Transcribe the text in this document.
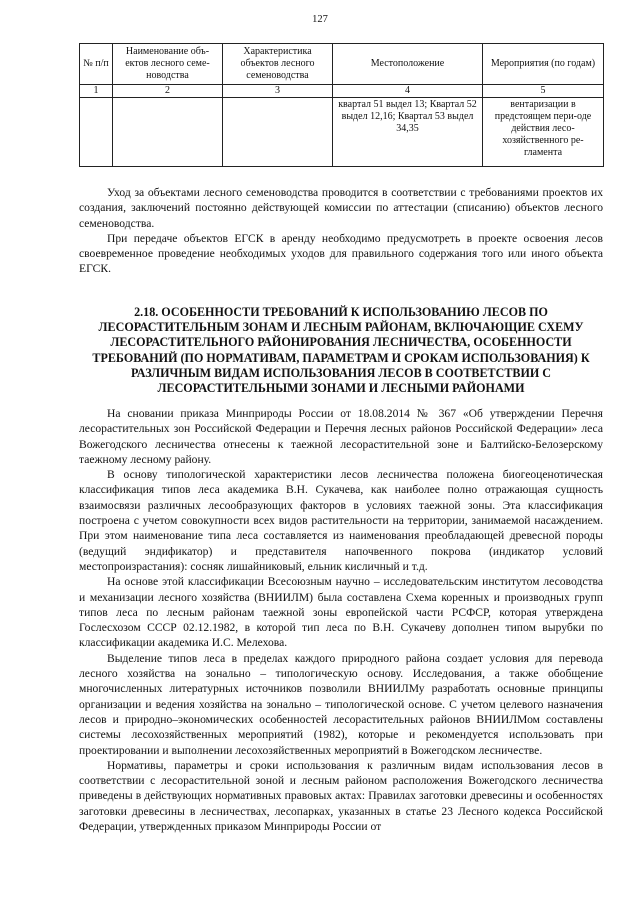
127
№ п/п	Наименование объ-ектов лесного семе-новодства	Характеристика объектов лесного семеноводства	Местоположение	Мероприятия (по годам)
1	2	3	4	5
			квартал 51 выдел 13; Квартал 52 выдел 12,16; Квартал 53 выдел 34,35	вентаризации в предстоящем пери-оде действия лесо-хозяйственного ре-гламента

Уход за объектами лесного семеноводства проводится в соответствии с требованиями проектов их создания, заключений постоянно действующей комиссии по аттестации (списанию) объектов лесного семеноводства.

При передаче объектов ЕГСК в аренду необходимо предусмотреть в проекте освоения лесов своевременное проведение необходимых уходов для правильного содержания того или иного объекта ЕГСК.

2.18. ОСОБЕННОСТИ ТРЕБОВАНИЙ К ИСПОЛЬЗОВАНИЮ ЛЕСОВ ПО ЛЕСОРАСТИТЕЛЬНЫМ ЗОНАМ И ЛЕСНЫМ РАЙОНАМ, ВКЛЮЧАЮЩИЕ СХЕМУ ЛЕСОРАСТИТЕЛЬНОГО РАЙОНИРОВАНИЯ ЛЕСНИЧЕСТВА, ОСОБЕННОСТИ ТРЕБОВАНИЙ (ПО НОРМАТИВАМ, ПАРАМЕТРАМ И СРОКАМ ИСПОЛЬЗОВАНИЯ) К РАЗЛИЧНЫМ ВИДАМ ИСПОЛЬЗОВАНИЯ ЛЕСОВ В СООТВЕТСТВИИ С ЛЕСОРАСТИТЕЛЬНЫМИ ЗОНАМИ И ЛЕСНЫМИ РАЙОНАМИ

На сновании приказа Минприроды России от 18.08.2014 № 367 «Об утверждении Перечня лесорастительных зон Российской Федерации и Перечня лесных районов Российской Федерации» леса Вожегодского лесничества отнесены к таежной лесорастительной зоне и Балтийско-Белозерскому таежному лесному району.

В основу типологической характеристики лесов лесничества положена биогеоценотическая классификация типов леса академика В.Н. Сукачева, как наиболее полно отражающая сущность взаимосвязи различных лесообразующих факторов в условиях таежной зоны. Эта классификация построена с учетом совокупности всех видов растительности на территории, занимаемой насаждением. При этом наименование типа леса составляется из наименования преобладающей древесной породы (ведущий эндификатор) и представителя напочвенного покрова (индикатор условий местопроизрастания): сосняк лишайниковый, ельник кисличный и т.д.

На основе этой классификации Всесоюзным научно – исследовательским институтом лесоводства и механизации лесного хозяйства (ВНИИЛМ) была составлена Схема коренных и производных групп типов леса по лесным районам таежной зоны европейской части РСФСР, которая утверждена Гослесхозом СССР 02.12.1982, в которой тип леса по В.Н. Сукачеву дополнен типом вырубки по классификации академика И.С. Мелехова.

Выделение типов леса в пределах каждого природного района создает условия для перевода лесного хозяйства на зонально – типологическую основу. Исследования, а также обобщение многочисленных литературных источников позволили ВНИИЛМу разработать основные принципы организации и ведения хозяйства на зонально – типологической основе. С учетом целевого назначения лесов и природно–экономических особенностей лесорастительных районов ВНИИЛМом составлены системы лесохозяйственных мероприятий (1982), которые и рекомендуется использовать при проектировании и выполнении лесохозяйственных мероприятий в Вожегодском лесничестве.

Нормативы, параметры и сроки использования к различным видам использования лесов в соответствии с лесорастительной зоной и лесным районом расположения Вожегодского лесничества приведены в действующих нормативных правовых актах: Правилах заготовки древесины и особенностях заготовки древесины в лесничествах, лесопарках, указанных в статье 23 Лесного кодекса Российской Федерации, утвержденных приказом Минприроды России от
